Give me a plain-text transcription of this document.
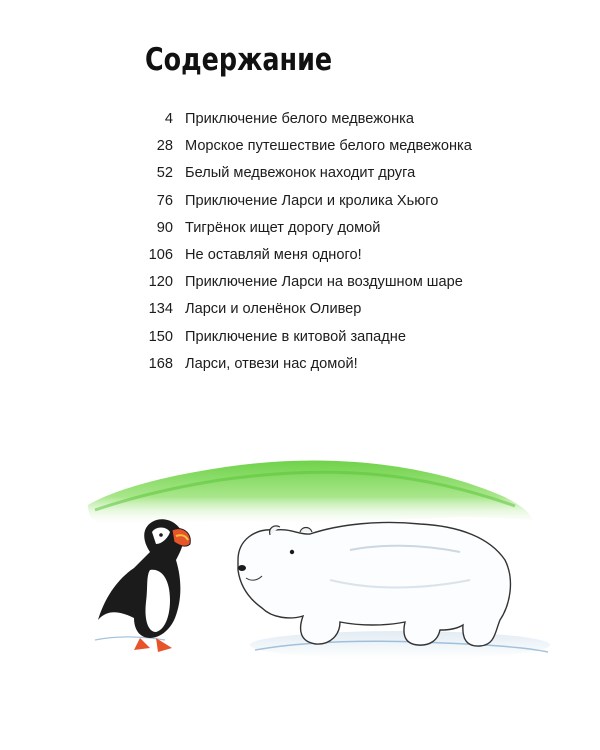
Содержание
4 Приключение белого медвежонка
28 Морское путешествие белого медвежонка
52 Белый медвежонок находит друга
76 Приключение Ларси и кролика Хьюго
90 Тигрёнок ищет дорогу домой
106 Не оставляй меня одного!
120 Приключение Ларси на воздушном шаре
134 Ларси и оленёнок Оливер
150 Приключение в китовой западне
168 Ларси, отвези нас домой!
